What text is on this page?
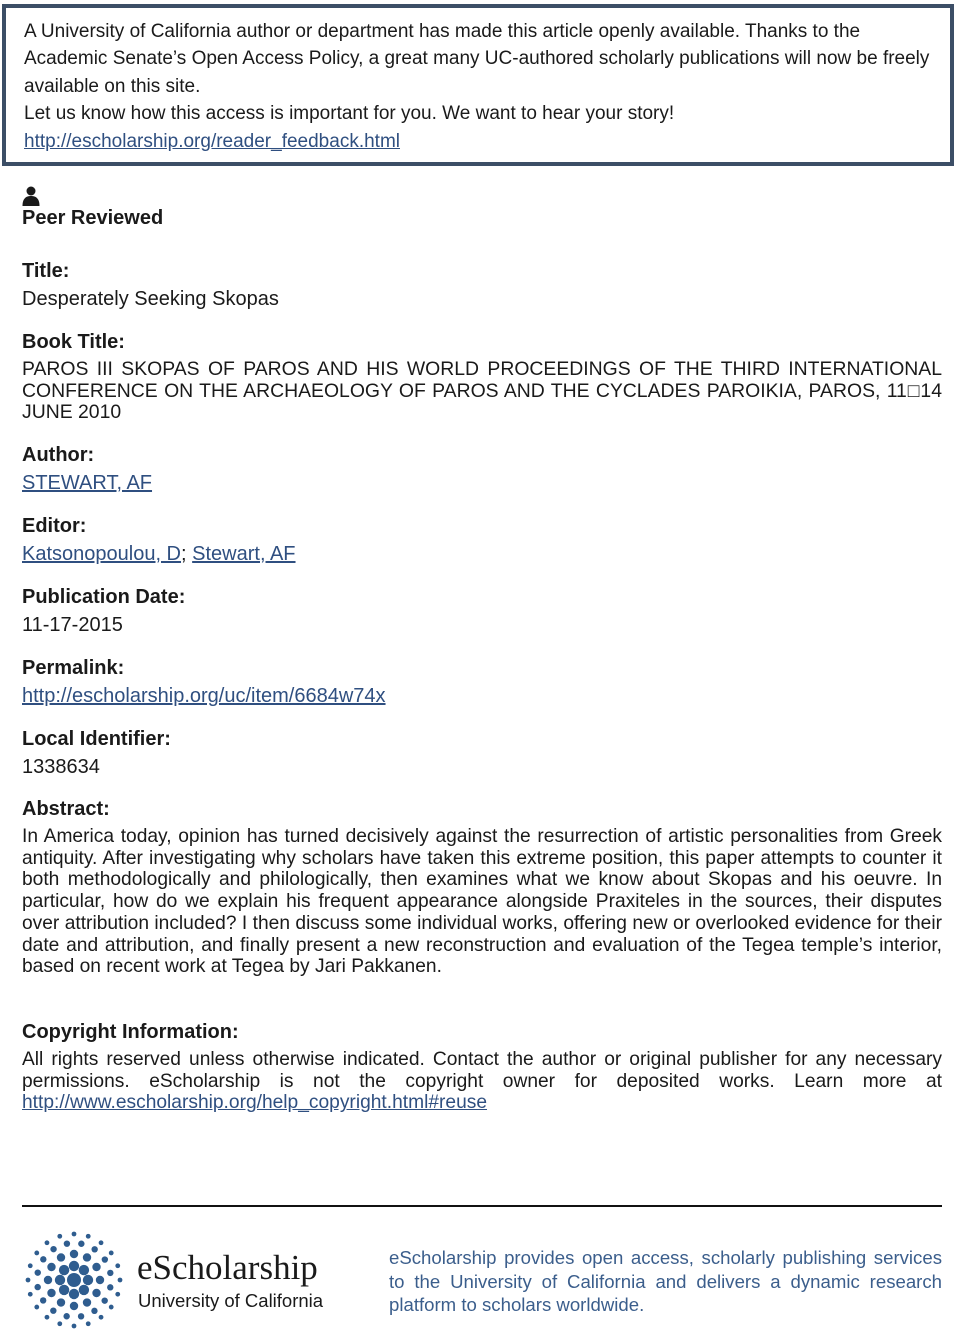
A University of California author or department has made this article openly available. Thanks to the Academic Senate’s Open Access Policy, a great many UC-authored scholarly publications will now be freely available on this site.

Let us know how this access is important for you. We want to hear your story!

http://escholarship.org/reader_feedback.html

Peer Reviewed
Title:
Desperately Seeking Skopas
Book Title:
PAROS III SKOPAS OF PAROS AND HIS WORLD PROCEEDINGS OF THE THIRD INTERNATIONAL CONFERENCE ON THE ARCHAEOLOGY OF PAROS AND THE CYCLADES PAROIKIA, PAROS, 11□14 JUNE 2010
Author:
STEWART, AF
Editor:
Katsonopoulou, D; Stewart, AF
Publication Date:
11-17-2015
Permalink:
http://escholarship.org/uc/item/6684w74x
Local Identifier:
1338634
Abstract:
In America today, opinion has turned decisively against the resurrection of artistic personalities from Greek antiquity. After investigating why scholars have taken this extreme position, this paper attempts to counter it both methodologically and philologically, then examines what we know about Skopas and his oeuvre. In particular, how do we explain his frequent appearance alongside Praxiteles in the sources, their disputes over attribution included? I then discuss some individual works, offering new or overlooked evidence for their date and attribution, and finally present a new reconstruction and evaluation of the Tegea temple’s interior, based on recent work at Tegea by Jari Pakkanen.
Copyright Information:
All rights reserved unless otherwise indicated. Contact the author or original publisher for any necessary permissions. eScholarship is not the copyright owner for deposited works. Learn more at http://www.escholarship.org/help_copyright.html#reuse
eScholarship
University of California
eScholarship provides open access, scholarly publishing services to the University of California and delivers a dynamic research platform to scholars worldwide.
